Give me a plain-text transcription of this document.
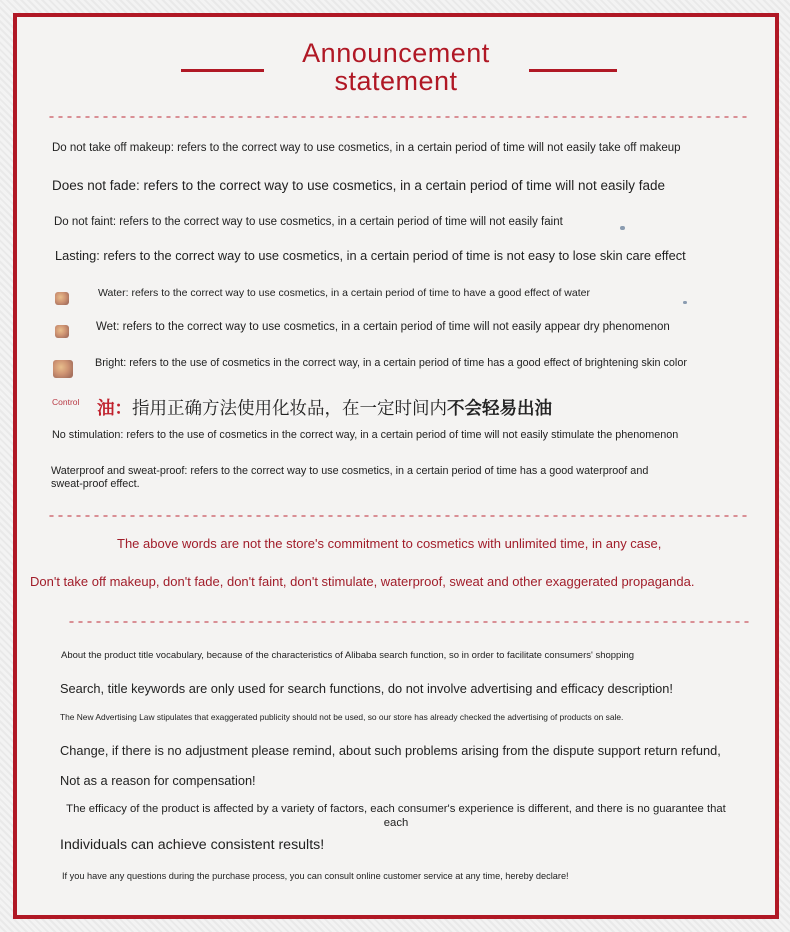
Announcement
statement

Do not take off makeup: refers to the correct way to use cosmetics, in a certain period of time will not easily take off makeup

Does not fade: refers to the correct way to use cosmetics, in a certain period of time will not easily fade

Do not faint: refers to the correct way to use cosmetics, in a certain period of time will not easily faint

Lasting: refers to the correct way to use cosmetics, in a certain period of time is not easy to lose skin care effect

Water: refers to the correct way to use cosmetics, in a certain period of time to have a good effect of water

Wet: refers to the correct way to use cosmetics, in a certain period of time will not easily appear dry phenomenon

Bright: refers to the use of cosmetics in the correct way, in a certain period of time has a good effect of brightening skin color

Control 油：指用正确方法使用化妆品，在一定时间内不会轻易出油

No stimulation: refers to the use of cosmetics in the correct way, in a certain period of time will not easily stimulate the phenomenon

Waterproof and sweat-proof: refers to the correct way to use cosmetics, in a certain period of time has a good waterproof and

sweat-proof effect.

The above words are not the store's commitment to cosmetics with unlimited time, in any case,

Don't take off makeup, don't fade, don't faint, don't stimulate, waterproof, sweat and other exaggerated propaganda.

About the product title vocabulary, because of the characteristics of Alibaba search function, so in order to facilitate consumers' shopping

Search, title keywords are only used for search functions, do not involve advertising and efficacy description!

The New Advertising Law stipulates that exaggerated publicity should not be used, so our store has already checked the advertising of products on sale.

Change, if there is no adjustment please remind, about such problems arising from the dispute support return refund,

Not as a reason for compensation!

The efficacy of the product is affected by a variety of factors, each consumer's experience is different, and there is no guarantee that

each

Individuals can achieve consistent results!

If you have any questions during the purchase process, you can consult online customer service at any time, hereby declare!
